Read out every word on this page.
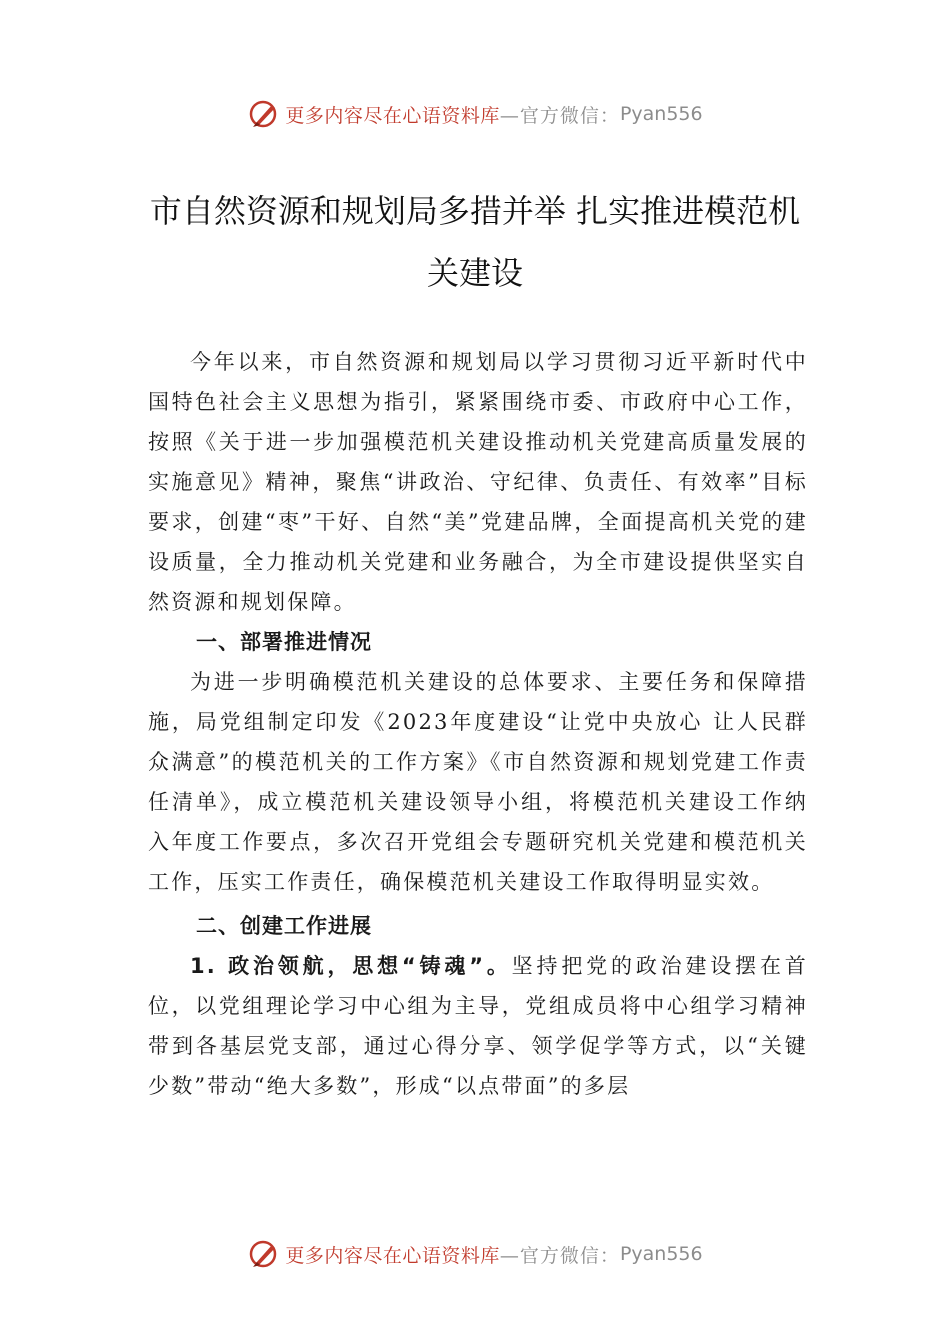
更多内容尽在心语资料库 —官方微信： Pyan556
市自然资源和规划局多措并举 扎实推进模范机关建设

今年以来，市自然资源和规划局以学习贯彻习近平新时代中国特色社会主义思想为指引，紧紧围绕市委、市政府中心工作，按照《关于进一步加强模范机关建设推动机关党建高质量发展的实施意见》精神，聚焦“讲政治、守纪律、负责任、有效率”目标要求，创建“枣”干好、自然“美”党建品牌，全面提高机关党的建设质量，全力推动机关党建和业务融合，为全市建设提供坚实自然资源和规划保障。

一、部署推进情况

为进一步明确模范机关建设的总体要求、主要任务和保障措施，局党组制定印发《2023年度建设“让党中央放心 让人民群众满意”的模范机关的工作方案》《市自然资源和规划党建工作责任清单》，成立模范机关建设领导小组，将模范机关建设工作纳入年度工作要点，多次召开党组会专题研究机关党建和模范机关工作，压实工作责任，确保模范机关建设工作取得明显实效。

二、创建工作进展

1. 政治领航，思想“铸魂”。坚持把党的政治建设摆在首位，以党组理论学习中心组为主导，党组成员将中心组学习精神带到各基层党支部，通过心得分享、领学促学等方式，以“关键少数”带动“绝大多数”，形成“以点带面”的多层

更多内容尽在心语资料库 —官方微信： Pyan556
